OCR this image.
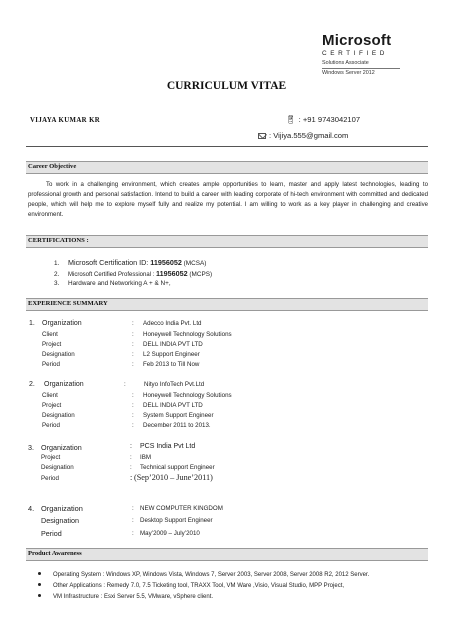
Microsoft
CERTIFIED
Solutions Associate
Windows Server 2012
CURRICULUM VITAE
VIJAYA KUMAR KR	📱︎ : +91 9743042107
: Vijiya.555@gmail.com
Career Objective
To work in a challenging environment, which creates ample opportunities to learn, master and apply latest technologies, leading to professional growth and personal satisfaction. Intend to build a career with leading corporate of hi-tech environment with committed and dedicated people, which will help me to explore myself fully and realize my potential. I am willing to work as a key player in challenging and creative environment.
CERTIFICATIONS :
1. Microsoft Certification ID: 11956052 (MCSA)
2. Microsoft Certified Professional : 11956052 (MCPS)
3. Hardware and Networking A + & N+,
EXPERIENCE SUMMARY
1. Organization	: Adecco India Pvt. Ltd
Client	: Honeywell Technology Solutions
Project	: DELL INDIA PVT LTD
Designation	: L2 Support Engineer
Period	: Feb 2013 to Till Now
2. Organization	:	Nityo InfoTech Pvt.Ltd
Client	: Honeywell Technology Solutions
Project	: DELL INDIA PVT LTD
Designation	: System Support Engineer
Period	: December 2011 to 2013.
3. Organization	: PCS India Pvt Ltd
Project	: IBM
Designation	: Technical support Engineer
Period	: (Sep’2010 – June’2011)
4. Organization	: NEW COMPUTER KINGDOM
Designation	: Desktop Support Engineer
Period	: May’2009 – July’2010
Product Awareness
Operating System : Windows XP, Windows Vista, Windows 7, Server 2003, Server 2008, Server 2008 R2, 2012 Server.
Other Applications : Remedy 7.0, 7.5 Ticketing tool, TRAXX Tool, VM Ware ,Visio, Visual Studio, MPP Project,
VM Infrastructure : Esxi Server 5.5, VMware, vSphere client.
